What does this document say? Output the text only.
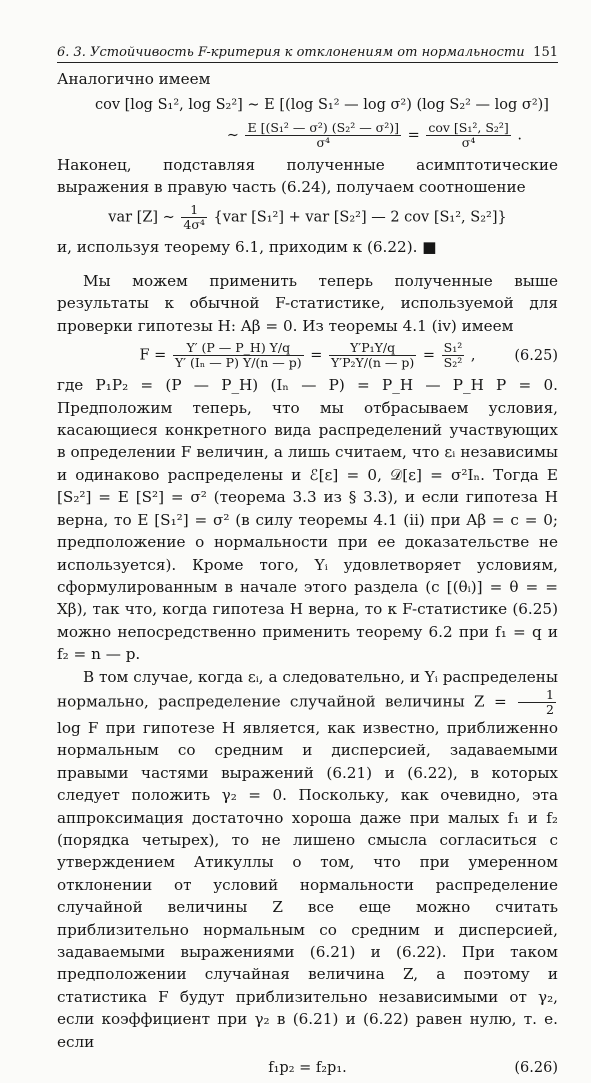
6. 3. Устойчивость F-критерия к отклонениям от нормальности 151

Аналогично имеем

cov [log S₁², log S₂²] ∼ E [(log S₁² — log σ²) (log S₂² — log σ²)]
∼ $\frac{\text{E [(S₁² — σ²) (S₂² — σ²)]}}{\text{σ⁴}} = \frac{\text{cov [S₁², S₂²]}}{\text{σ⁴}}$ .

Наконец, подставляя полученные асимптотические выражения в правую часть (6.24), получаем соотношение

var [Z] ∼ $\frac{1}{\text{4σ⁴}} \{var$ [S₁²] + var [S₂²] — 2 cov [S₁², S₂²]}

и, используя теорему 6.1, приходим к (6.22). ■

Мы можем применить теперь полученные выше результаты к обычной F-статистике, используемой для проверки гипотезы H: Aβ = 0. Из теоремы 4.1 (iv) имеем

$F = \frac{Y' (P — P\_H) Y/q}{\text{Y′ (Iₙ — P) Y/(n — p)}} = \frac{\text{Y′P₁Y/q}}{\text{Y′P₂Y/(n — p)}} = \frac{\text{S₁²}}{\text{S₂²}}$ ,	(6.25)

где P₁P₂ = (P — P_H) (Iₙ — P) = P_H — P_H P = 0. Предположим теперь, что мы отбрасываем условия, касающиеся конкретного вида распределений участвующих в определении F величин, а лишь считаем, что εᵢ независимы и одинаково распределены и ℰ[ε] = 0, 𝒟[ε] = σ²Iₙ. Тогда E [S₂²] = E [S²] = σ² (теорема 3.3 из § 3.3), и если гипотеза H верна, то E [S₁²] = σ² (в силу теоремы 4.1 (ii) при Aβ = c = 0; предположение о нормальности при ее доказательстве не используется). Кроме того, Yᵢ удовлетворяет условиям, сформулированным в начале этого раздела (с [(θᵢ)] = θ = = Xβ), так что, когда гипотеза H верна, то к F-статистике (6.25) можно непосредственно применить теорему 6.2 при f₁ = q и f₂ = n — p.

В том случае, когда εᵢ, а следовательно, и Yᵢ распределены нормально, распределение случайной величины $Z = \frac{1}{2}$
log F при гипотезе H является, как известно, приближенно нормальным со средним и дисперсией, задаваемыми правыми частями выражений (6.21) и (6.22), в которых следует положить γ₂ = 0. Поскольку, как очевидно, эта аппроксимация достаточно хороша даже при малых f₁ и f₂ (порядка четырех), то не лишено смысла согласиться с утверждением Атикуллы о том, что при умеренном отклонении от условий нормальности распределение случайной величины Z все еще можно считать приблизительно нормальным со средним и дисперсией, задаваемыми выражениями (6.21) и (6.22). При таком предположении случайная величина Z, а поэтому и статистика F будут приблизительно независимыми от γ₂, если коэффициент при γ₂ в (6.21) и (6.22) равен нулю, т. е. если

f₁p₂ = f₂p₁.	(6.26)
